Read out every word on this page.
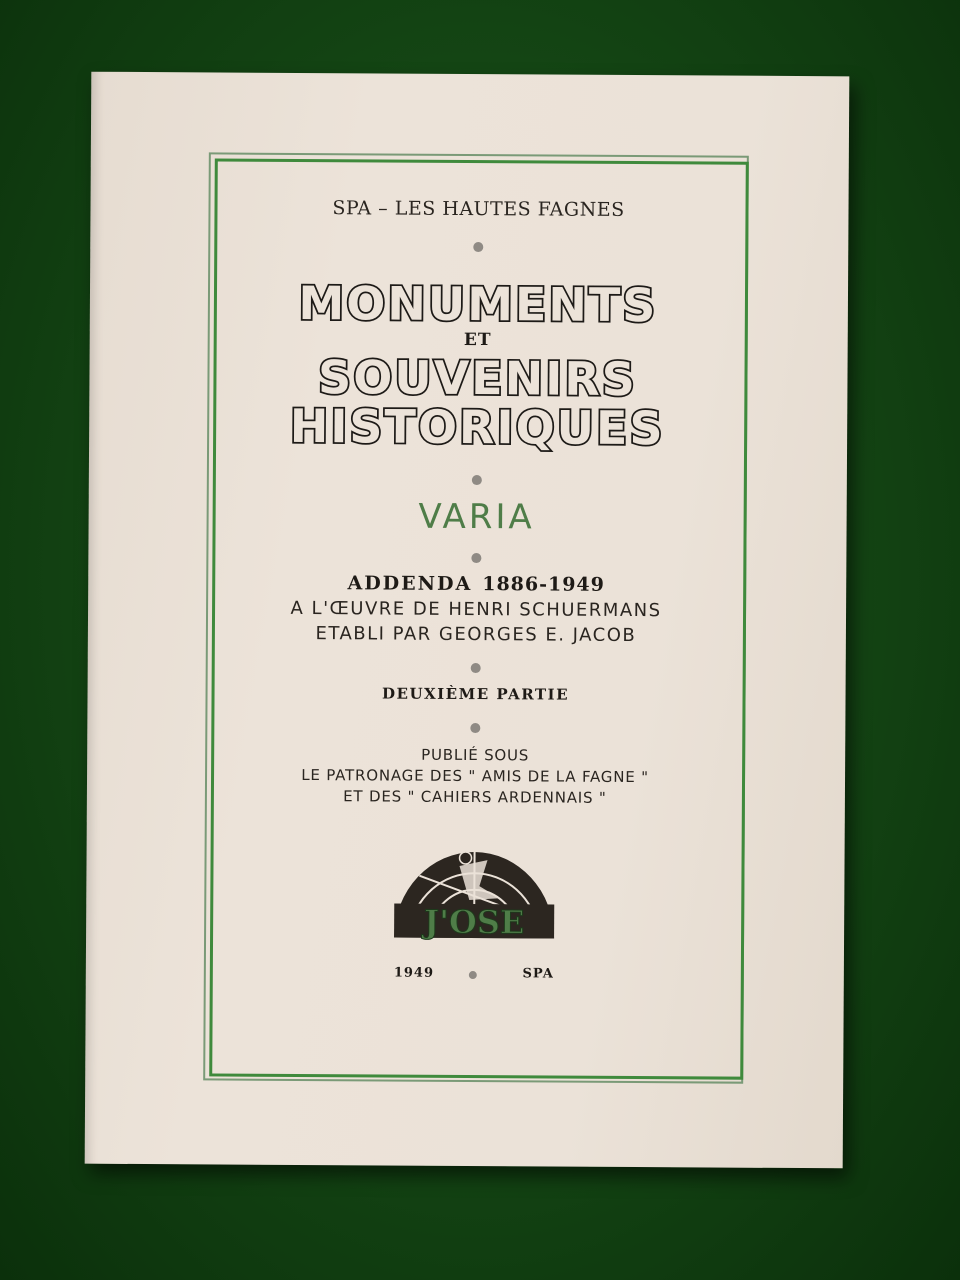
SPA – LES HAUTES FAGNES
MONUMENTS
ET
SOUVENIRS
HISTORIQUES
VARIA
ADDENDA 1886-1949
A L'ŒUVRE DE HENRI SCHUERMANS
ETABLI PAR GEORGES E. JACOB
DEUXIÈME PARTIE
PUBLIÉ SOUS
LE PATRONAGE DES " AMIS DE LA FAGNE "
ET DES " CAHIERS ARDENNAIS "
J'OSE
1949	SPA
